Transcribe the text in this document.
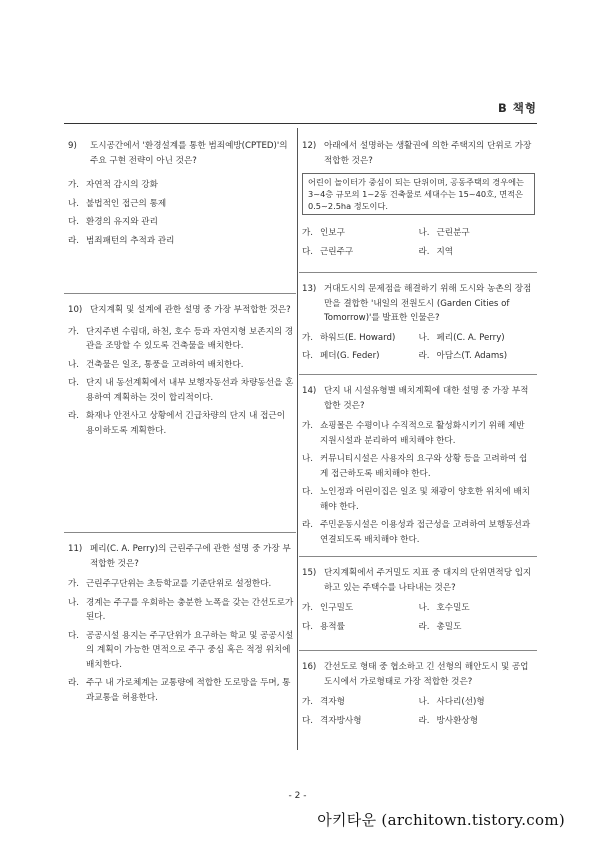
B 책형
9)	도시공간에서 '환경설계를 통한 범죄예방(CPTED)'의 주요 구현 전략이 아닌 것은?
가. 자연적 감시의 강화
나. 불법적인 접근의 통제
다. 환경의 유지와 관리
라. 범죄패턴의 추적과 관리
10) 단지계획 및 설계에 관한 설명 중 가장 부적합한 것은?
가. 단지주변 수림대, 하천, 호수 등과 자연지형 보존지의 경관을 조망할 수 있도록 건축물을 배치한다.
나. 건축물은 일조, 통풍을 고려하여 배치한다.
다. 단지 내 동선계획에서 내부 보행자동선과 차량동선을 혼용하여 계획하는 것이 합리적이다.
라. 화재나 안전사고 상황에서 긴급차량의 단지 내 접근이 용이하도록 계획한다.
11) 페리(C. A. Perry)의 근린주구에 관한 설명 중 가장 부적합한 것은?
가. 근린주구단위는 초등학교를 기준단위로 설정한다.
나. 경계는 주구를 우회하는 충분한 노폭을 갖는 간선도로가 된다.
다. 공공시설 용지는 주구단위가 요구하는 학교 및 공공시설의 계획이 가능한 면적으로 주구 중심 혹은 적정 위치에 배치한다.
라. 주구 내 가로체계는 교통량에 적합한 도로망을 두며, 통과교통을 허용한다.
12) 아래에서 설명하는 생활권에 의한 주택지의 단위로 가장 적합한 것은?
어린이 놀이터가 중심이 되는 단위이며, 공동주택의 경우에는 3~4층 규모의 1~2동 건축물로 세대수는 15~40호, 면적은 0.5~2.5ha 정도이다.
가. 인보구	나. 근린분구
다. 근린주구	라. 지역
13) 거대도시의 문제점을 해결하기 위해 도시와 농촌의 장점만을 결합한 '내일의 전원도시 (Garden Cities of Tomorrow)'를 발표한 인물은?
가. 하워드(E. Howard)	나. 페리(C. A. Perry)
다. 페더(G. Feder)	라. 아담스(T. Adams)
14) 단지 내 시설유형별 배치계획에 대한 설명 중 가장 부적합한 것은?
가. 쇼핑몰은 수평이나 수직적으로 활성화시키기 위해 제반 지원시설과 분리하여 배치해야 한다.
나. 커뮤니티시설은 사용자의 요구와 상황 등을 고려하여 쉽게 접근하도록 배치해야 한다.
다. 노인정과 어린이집은 일조 및 채광이 양호한 위치에 배치해야 한다.
라. 주민운동시설은 이용성과 접근성을 고려하여 보행동선과 연결되도록 배치해야 한다.
15) 단지계획에서 주거밀도 지표 중 대지의 단위면적당 입지하고 있는 주택수를 나타내는 것은?
가. 인구밀도	나. 호수밀도
다. 용적률	라. 총밀도
16) 간선도로 형태 중 협소하고 긴 선형의 해안도시 및 공업도시에서 가로형태로 가장 적합한 것은?
가. 격자형	나. 사다리(선)형
다. 격자방사형	라. 방사환상형
- 2 -
아키타운 (architown.tistory.com)
